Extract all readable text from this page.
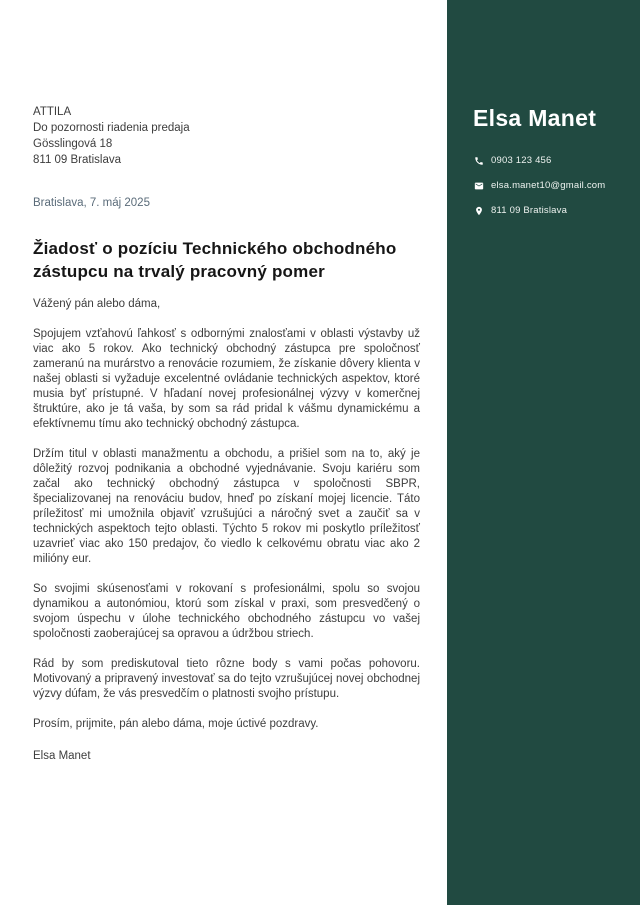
ATTILA
Do pozornosti riadenia predaja
Gösslingová 18
811 09 Bratislava
Bratislava, 7. máj 2025
Žiadosť o pozíciu Technického obchodného zástupcu na trvalý pracovný pomer
Vážený pán alebo dáma,

Spojujem vzťahovú ľahkosť s odbornými znalosťami v oblasti výstavby už viac ako 5 rokov. Ako technický obchodný zástupca pre spoločnosť zameranú na murárstvo a renovácie rozumiem, že získanie dôvery klienta v našej oblasti si vyžaduje excelentné ovládanie technických aspektov, ktoré musia byť prístupné. V hľadaní novej profesionálnej výzvy v komerčnej štruktúre, ako je tá vaša, by som sa rád pridal k vášmu dynamickému a efektívnemu tímu ako technický obchodný zástupca.

Držím titul v oblasti manažmentu a obchodu, a prišiel som na to, aký je dôležitý rozvoj podnikania a obchodné vyjednávanie. Svoju kariéru som začal ako technický obchodný zástupca v spoločnosti SBPR, špecializovanej na renováciu budov, hneď po získaní mojej licencie. Táto príležitosť mi umožnila objaviť vzrušujúci a náročný svet a zaučiť sa v technických aspektoch tejto oblasti. Týchto 5 rokov mi poskytlo príležitosť uzavrieť viac ako 150 predajov, čo viedlo k celkovému obratu viac ako 2 milióny eur.

So svojimi skúsenosťami v rokovaní s profesionálmi, spolu so svojou dynamikou a autonómiou, ktorú som získal v praxi, som presvedčený o svojom úspechu v úlohe technického obchodného zástupcu vo vašej spoločnosti zaoberajúcej sa opravou a údržbou striech.

Rád by som prediskutoval tieto rôzne body s vami počas pohovoru. Motivovaný a pripravený investovať sa do tejto vzrušujúcej novej obchodnej výzvy dúfam, že vás presvedčím o platnosti svojho prístupu.

Prosím, prijmite, pán alebo dáma, moje úctivé pozdravy.

Elsa Manet
Elsa Manet
0903 123 456
elsa.manet10@gmail.com
811 09 Bratislava
